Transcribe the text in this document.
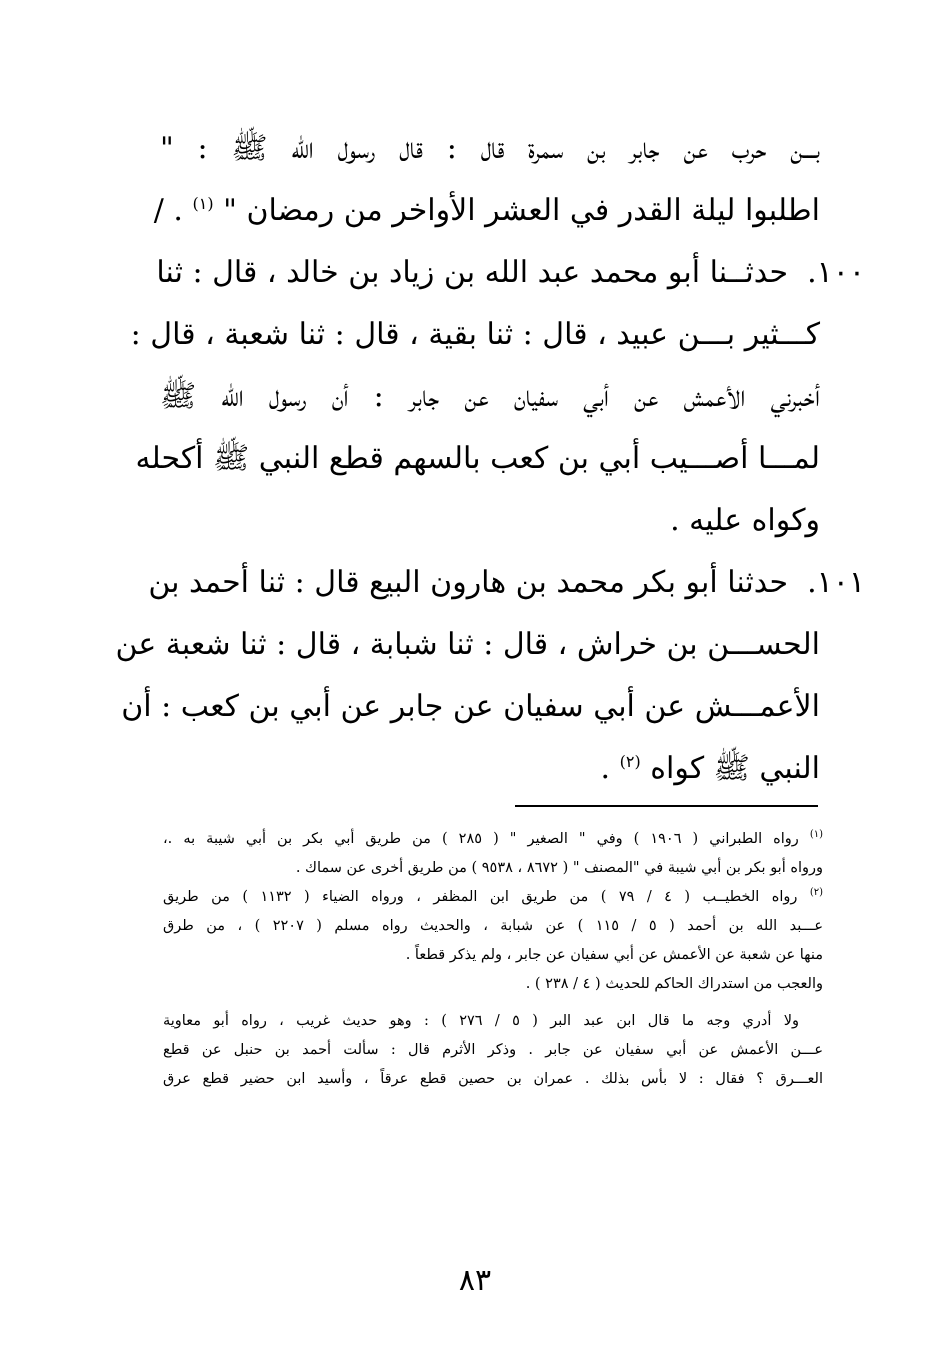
بـــن حرب عن جابر بن سمرة قال : قال رسول الله ﷺ : "
اطلبوا ليلة القدر في العشر الأواخر من رمضان " $^{(١)}$ . /
١٠٠.  حدثــنا أبو محمد عبد الله بن زياد بن خالد ، قال : ثنا
كـــثير بـــن عبيد ، قال : ثنا بقية ، قال : ثنا شعبة ، قال :
أخبرني الأعمش عن أبي سفيان عن جابر : أن رسول الله ﷺ
لمـــا أصـــيب أبي بن كعب بالسهم قطع النبي ﷺ أكحله
وكواه عليه .
١٠١.  حدثنا أبو بكر محمد بن هارون البيع قال : ثنا أحمد بن
الحســـن بن خراش ، قال : ثنا شبابة ، قال : ثنا شعبة عن
الأعمـــش عن أبي سفيان عن جابر عن أبي بن كعب : أن
النبي ﷺ كواه $^{(٢)}$ .
$^{(١)}$ رواه الطبراني ( ١٩٠٦ ) وفي " الصغير " ( ٢٨٥ ) من طريق أبي بكر بن أبي شيبة به .،
ورواه أبو بكر بن أبي شيبة في "المصنف " ( ٨٦٧٢ ، ٩٥٣٨ ) من طريق أخرى عن سماك .
$^{(٢)}$ رواه الخطيــب ( ٤ / ٧٩ ) من طريق ابن المظفر ، ورواه الضياء ( ١١٣٢ ) من طريق
عـــبد الله بن أحمد ( ٥ / ١١٥ ) عن شبابة ، والحديث رواه مسلم ( ٢٢٠٧ ) ، من طرق
منها عن شعبة عن الأعمش عن أبي سفيان عن جابر ، ولم يذكر قطعاً .
والعجب من استدراك الحاكم للحديث ( ٤ / ٢٣٨ ) .
ولا أدري وجه ما قال ابن عبد البر ( ٥ / ٢٧٦ ) : وهو حديث غريب ، رواه أبو معاوية
عـــن الأعمش عن أبي سفيان عن جابر . وذكر الأثرم قال : سألت أحمد بن حنبل عن قطع
العـــرق ؟ فقال : لا بأس بذلك . عمران بن حصين قطع عرقاً ، وأسيد ابن حضير قطع عرق
٨٣
